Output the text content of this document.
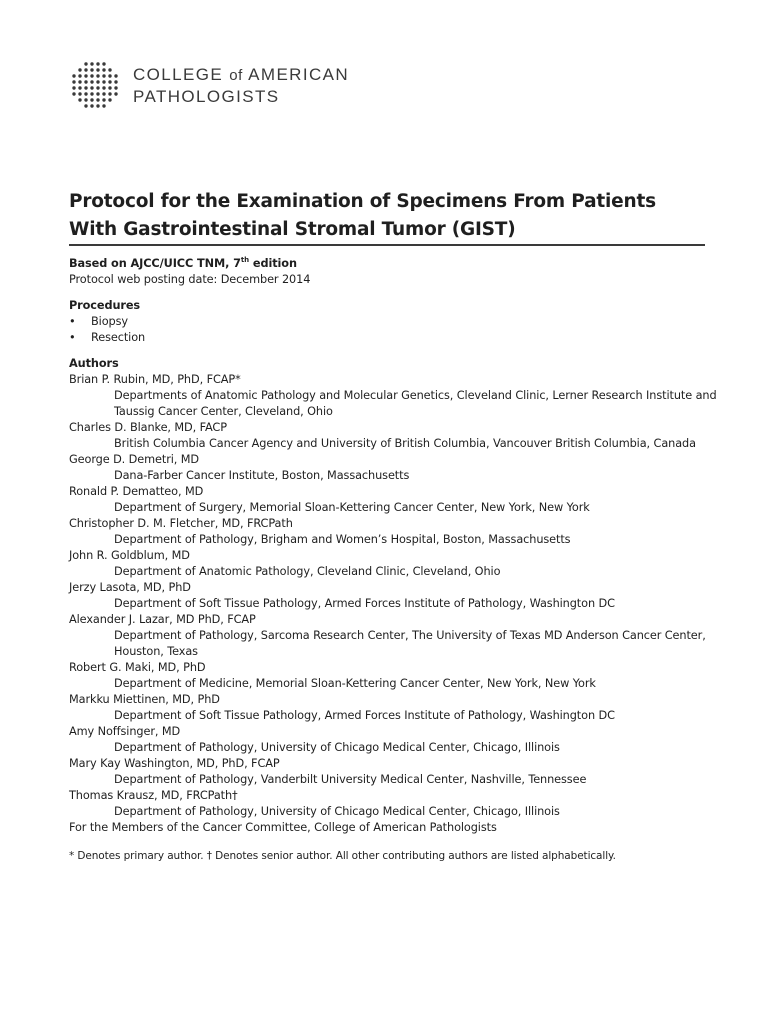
COLLEGE of AMERICAN
PATHOLOGISTS
Protocol for the Examination of Specimens From Patients With Gastrointestinal Stromal Tumor (GIST)
Based on AJCC/UICC TNM, 7th edition
Protocol web posting date: December 2014
Procedures
• Biopsy
• Resection
Authors
Brian P. Rubin, MD, PhD, FCAP*
Departments of Anatomic Pathology and Molecular Genetics, Cleveland Clinic, Lerner Research Institute and Taussig Cancer Center, Cleveland, Ohio
Charles D. Blanke, MD, FACP
British Columbia Cancer Agency and University of British Columbia, Vancouver British Columbia, Canada
George D. Demetri, MD
Dana-Farber Cancer Institute, Boston, Massachusetts
Ronald P. Dematteo, MD
Department of Surgery, Memorial Sloan-Kettering Cancer Center, New York, New York
Christopher D. M. Fletcher, MD, FRCPath
Department of Pathology, Brigham and Women’s Hospital, Boston, Massachusetts
John R. Goldblum, MD
Department of Anatomic Pathology, Cleveland Clinic, Cleveland, Ohio
Jerzy Lasota, MD, PhD
Department of Soft Tissue Pathology, Armed Forces Institute of Pathology, Washington DC
Alexander J. Lazar, MD PhD, FCAP
Department of Pathology, Sarcoma Research Center, The University of Texas MD Anderson Cancer Center, Houston, Texas
Robert G. Maki, MD, PhD
Department of Medicine, Memorial Sloan-Kettering Cancer Center, New York, New York
Markku Miettinen, MD, PhD
Department of Soft Tissue Pathology, Armed Forces Institute of Pathology, Washington DC
Amy Noffsinger, MD
Department of Pathology, University of Chicago Medical Center, Chicago, Illinois
Mary Kay Washington, MD, PhD, FCAP
Department of Pathology, Vanderbilt University Medical Center, Nashville, Tennessee
Thomas Krausz, MD, FRCPath†
Department of Pathology, University of Chicago Medical Center, Chicago, Illinois
For the Members of the Cancer Committee, College of American Pathologists
* Denotes primary author. † Denotes senior author. All other contributing authors are listed alphabetically.
